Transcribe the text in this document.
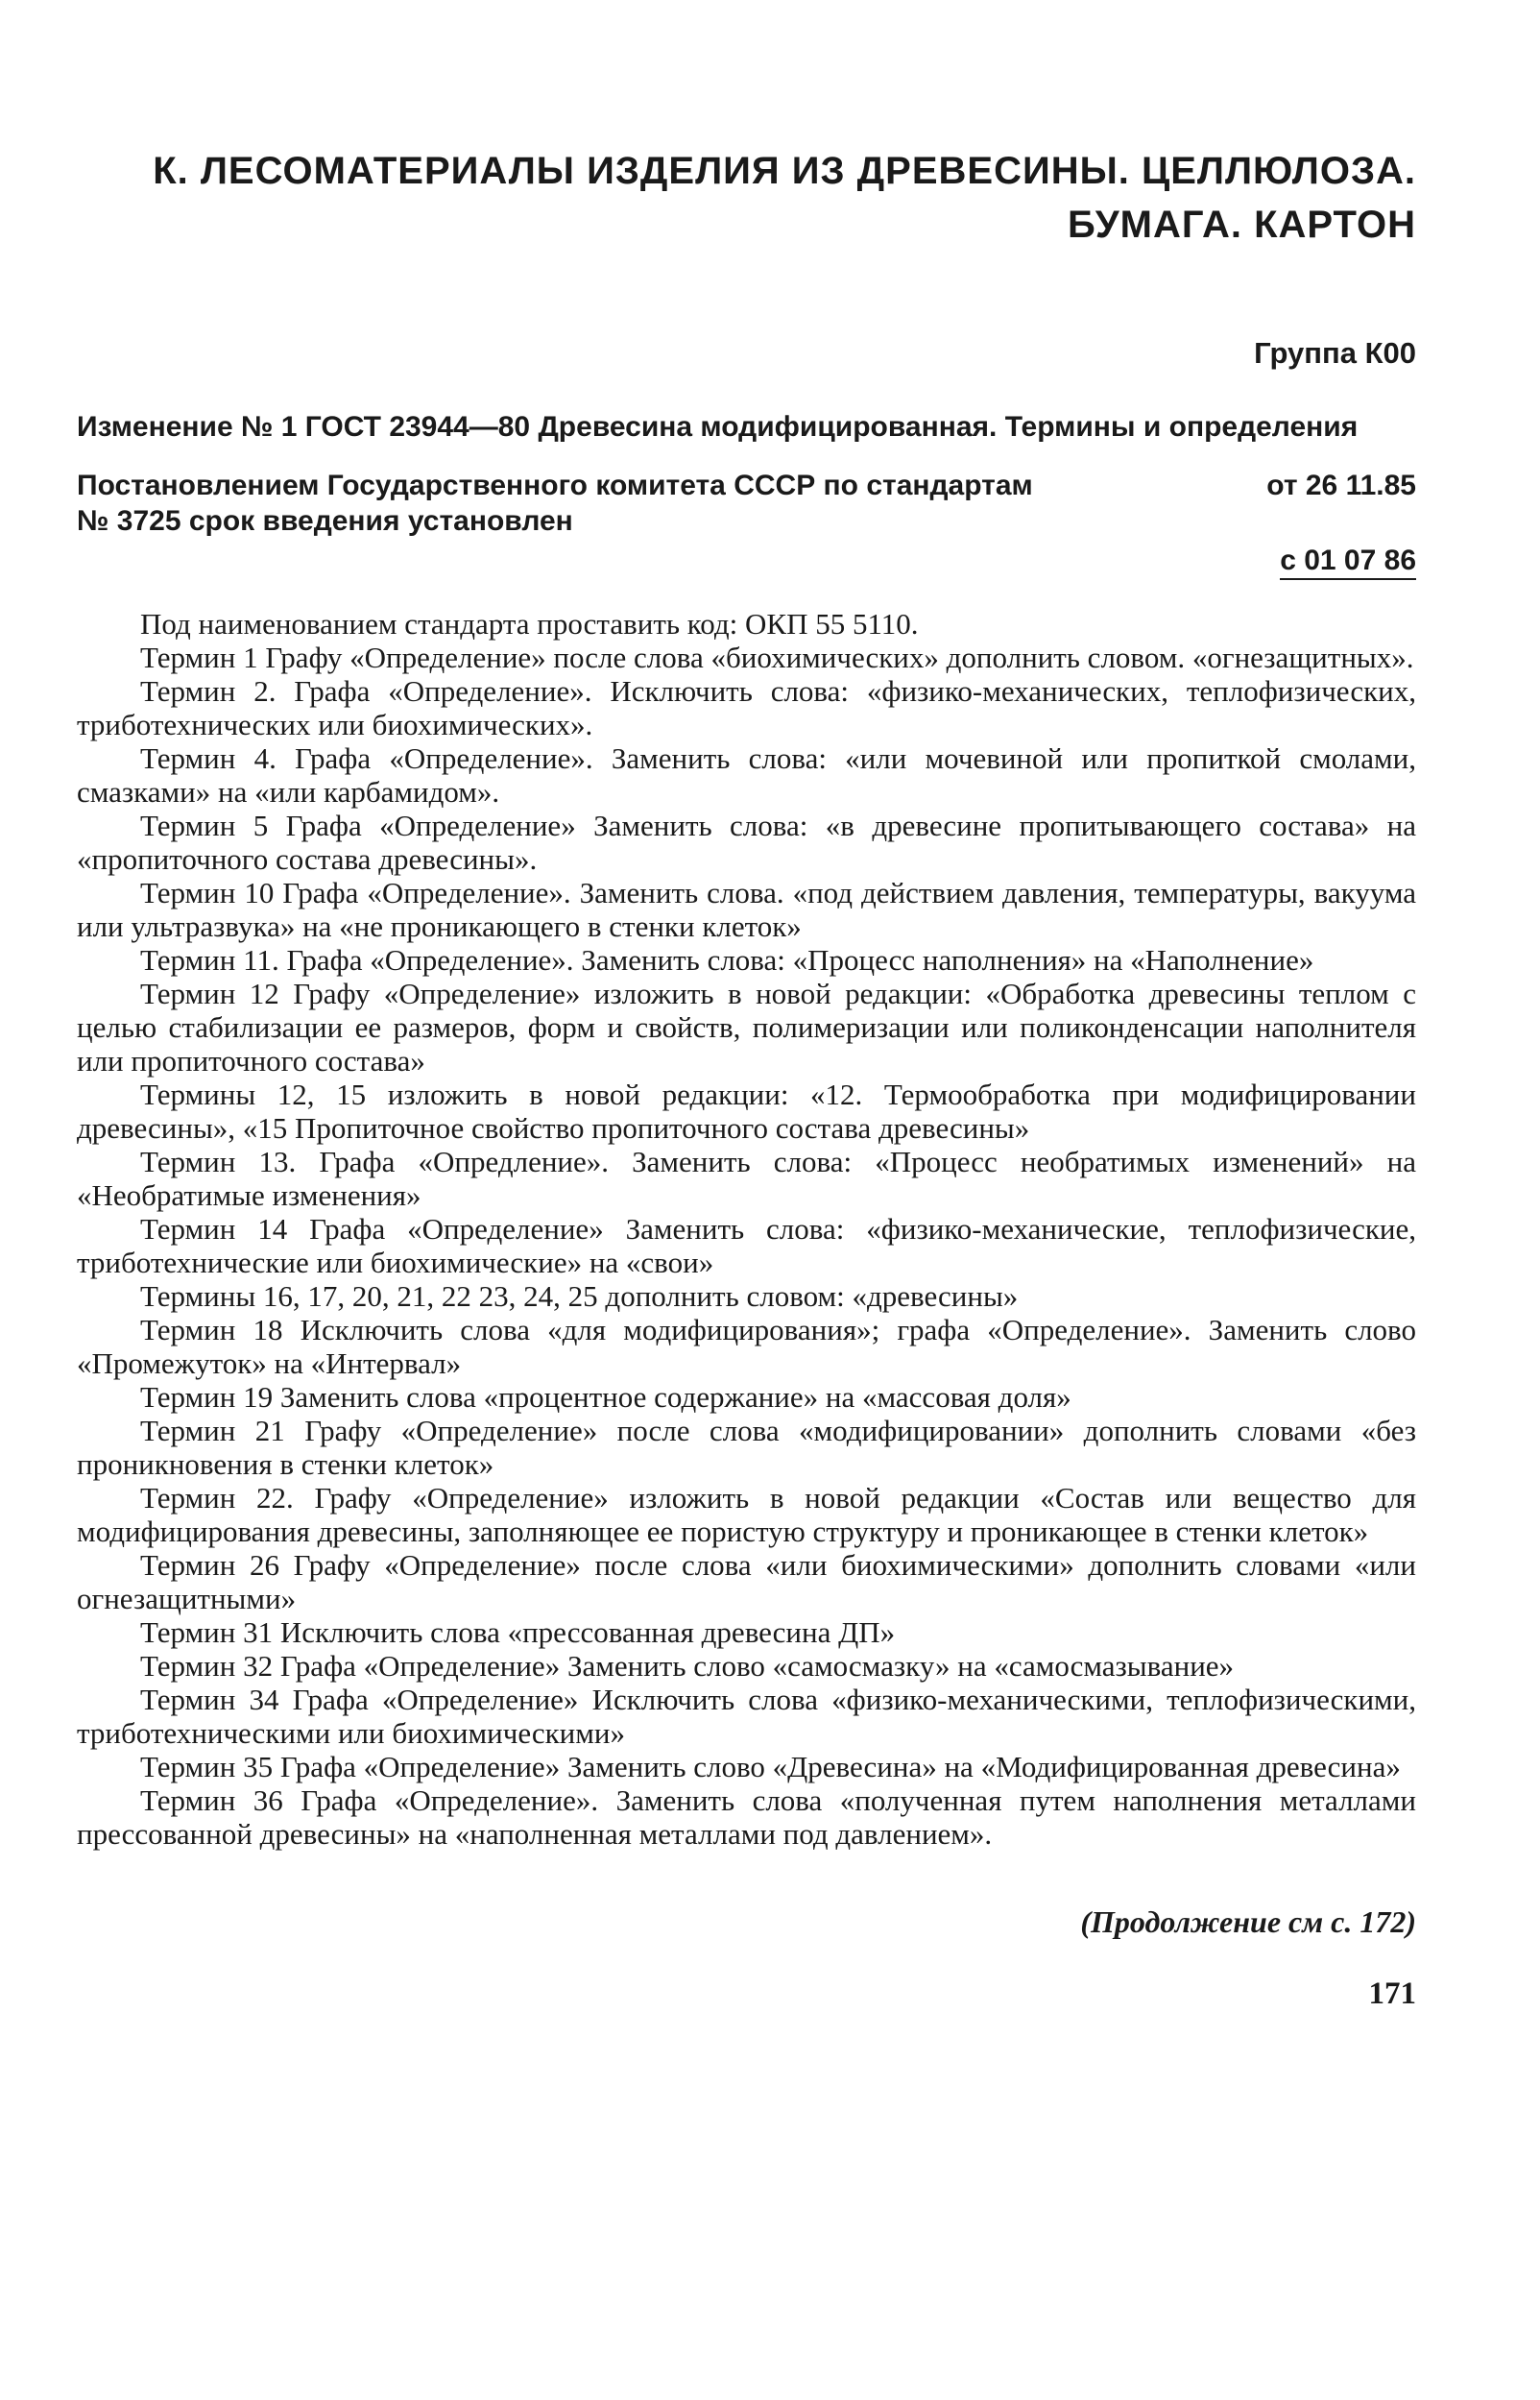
К. ЛЕСОМАТЕРИАЛЫ ИЗДЕЛИЯ ИЗ ДРЕВЕСИНЫ. ЦЕЛЛЮЛОЗА.
БУМАГА. КАРТОН
Группа К00
Изменение № 1 ГОСТ 23944—80 Древесина модифицированная. Термины и определения
Постановлением Государственного комитета СССР по стандартам	от 26 11.85
№ 3725 срок введения установлен
с 01 07 86

Под наименованием стандарта проставить код: ОКП 55 5110.

Термин 1 Графу «Определение» после слова «биохимических» дополнить словом. «огнезащитных».

Термин 2. Графа «Определение». Исключить слова: «физико-механических, теплофизических, триботехнических или биохимических».

Термин 4. Графа «Определение». Заменить слова: «или мочевиной или пропиткой смолами, смазками» на «или карбамидом».

Термин 5 Графа «Определение» Заменить слова: «в древесине пропитывающего состава» на «пропиточного состава древесины».

Термин 10 Графа «Определение». Заменить слова. «под действием давления, температуры, вакуума или ультразвука» на «не проникающего в стенки клеток»

Термин 11. Графа «Определение». Заменить слова: «Процесс наполнения» на «Наполнение»

Термин 12 Графу «Определение» изложить в новой редакции: «Обработка древесины теплом с целью стабилизации ее размеров, форм и свойств, полимеризации или поликонденсации наполнителя или пропиточного состава»

Термины 12, 15 изложить в новой редакции: «12. Термообработка при модифицировании древесины», «15 Пропиточное свойство пропиточного состава древесины»

Термин 13. Графа «Опредление». Заменить слова: «Процесс необратимых изменений» на «Необратимые изменения»

Термин 14 Графа «Определение» Заменить слова: «физико-механические, теплофизические, триботехнические или биохимические» на «свои»

Термины 16, 17, 20, 21, 22 23, 24, 25 дополнить словом: «древесины»

Термин 18 Исключить слова «для модифицирования»; графа «Определение». Заменить слово «Промежуток» на «Интервал»

Термин 19 Заменить слова «процентное содержание» на «массовая доля»

Термин 21 Графу «Определение» после слова «модифицировании» дополнить словами «без проникновения в стенки клеток»

Термин 22. Графу «Определение» изложить в новой редакции «Состав или вещество для модифицирования древесины, заполняющее ее пористую структуру и проникающее в стенки клеток»

Термин 26 Графу «Определение» после слова «или биохимическими» дополнить словами «или огнезащитными»

Термин 31 Исключить слова «прессованная древесина ДП»

Термин 32 Графа «Определение» Заменить слово «самосмазку» на «самосмазывание»

Термин 34 Графа «Определение» Исключить слова «физико-механическими, теплофизическими, триботехническими или биохимическими»

Термин 35 Графа «Определение» Заменить слово «Древесина» на «Модифицированная древесина»

Термин 36 Графа «Определение». Заменить слова «полученная путем наполнения металлами прессованной древесины» на «наполненная металлами под давлением».

(Продолжение см с. 172)
171
